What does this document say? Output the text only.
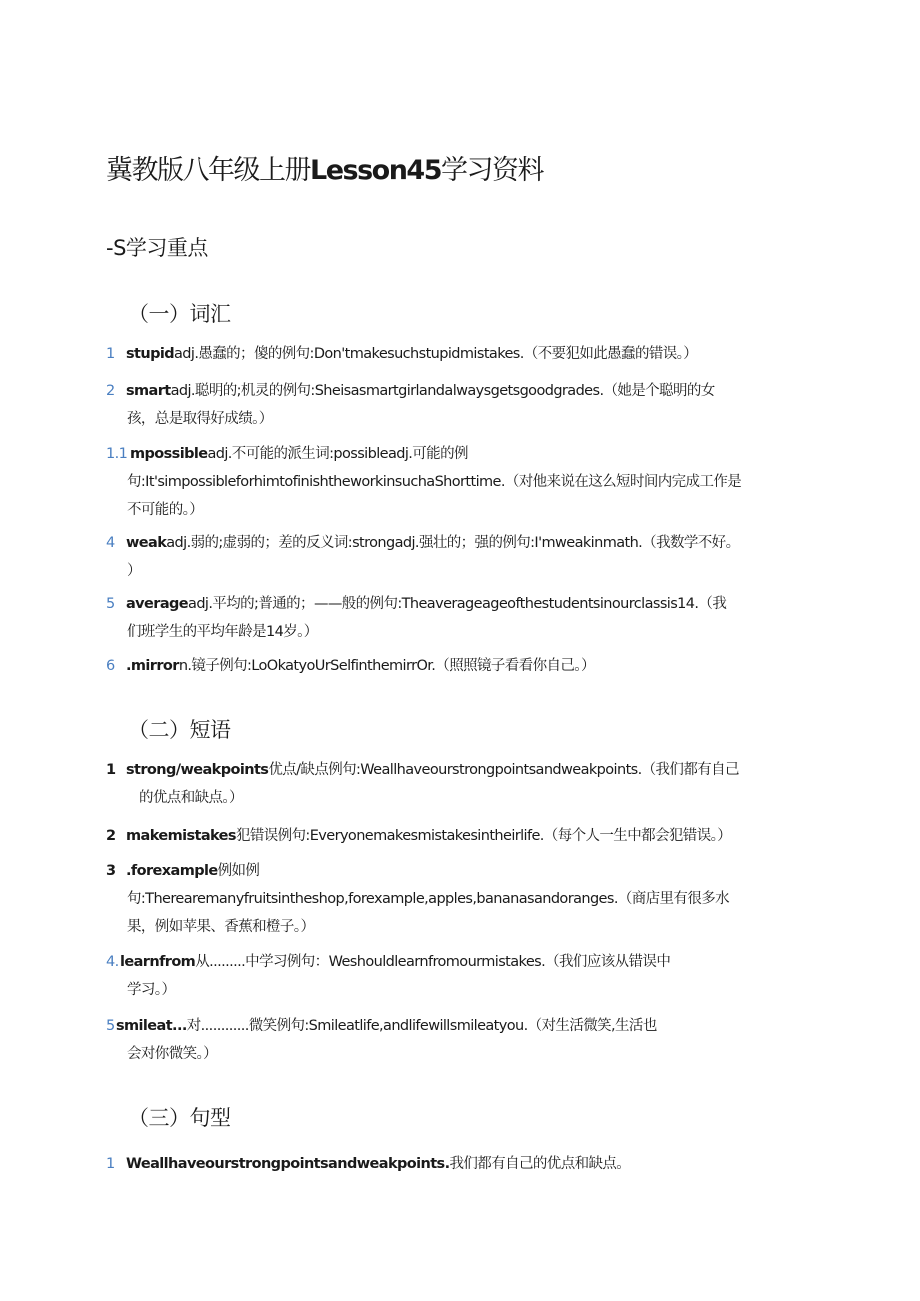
冀教版八年级上册Lesson45学习资料
-S学习重点
（一）词汇
1 stupidadj.愚蠢的；傻的例句:Don'tmakesuchstupidmistakes.（不要犯如此愚蠢的错误。）
2 smartadj.聪明的;机灵的例句:Sheisasmartgirlandalwaysgetsgoodgrades.（她是个聪明的女
孩，总是取得好成绩。）
1.1 mpossibleadj.不可能的派生词:possibleadj.可能的例
句:It'simpossibleforhimtofinishtheworkinsuchaShorttime.（对他来说在这么短时间内完成工作是
不可能的。）
4 weakadj.弱的;虚弱的；差的反义词:strongadj.强壮的；强的例句:I'mweakinmath.（我数学不好。
）
5 averageadj.平均的;普通的；——般的例句:Theaverageageofthestudentsinourclassis14.（我
们班学生的平均年龄是14岁。）
6 .mirrorn.镜子例句:LoOkatyoUrSelfinthemirrOr.（照照镜子看看你自己。）
（二）短语
1 strong/weakpoints优点/缺点例句:Weallhaveourstrongpointsandweakpoints.（我们都有自己
的优点和缺点。）
2 makemistakes犯错误例句:Everyonemakesmistakesintheirlife.（每个人一生中都会犯错误。）
3 .forexample例如例
句:Therearemanyfruitsintheshop,forexample,apples,bananasandoranges.（商店里有很多水
果，例如苹果、香蕉和橙子。）
4.learnfrom从.........中学习例句：Weshouldlearnfromourmistakes.（我们应该从错误中
学习。）
5smileat...对............微笑例句:Smileatlife,andlifewillsmileatyou.（对生活微笑,生活也
会对你微笑。）
（三）句型
1 Weallhaveourstrongpointsandweakpoints.我们都有自己的优点和缺点。
